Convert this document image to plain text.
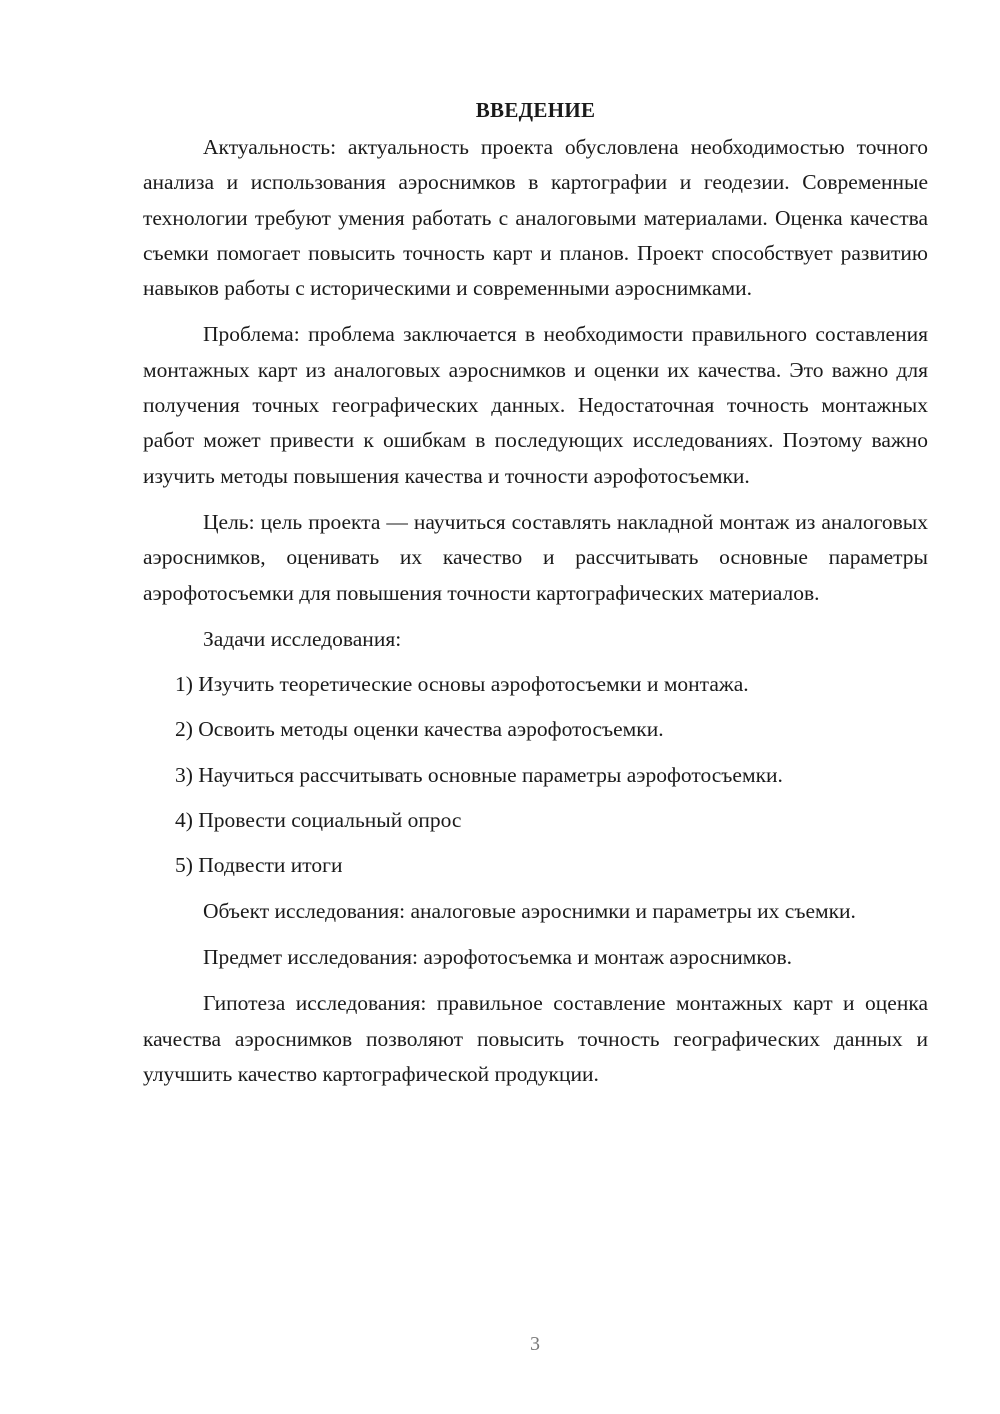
ВВЕДЕНИЕ

Актуальность: актуальность проекта обусловлена необходимостью точного анализа и использования аэроснимков в картографии и геодезии. Современные технологии требуют умения работать с аналоговыми материалами. Оценка качества съемки помогает повысить точность карт и планов. Проект способствует развитию навыков работы с историческими и современными аэроснимками.

Проблема: проблема заключается в необходимости правильного составления монтажных карт из аналоговых аэроснимков и оценки их качества. Это важно для получения точных географических данных. Недостаточная точность монтажных работ может привести к ошибкам в последующих исследованиях. Поэтому важно изучить методы повышения качества и точности аэрофотосъемки.

Цель: цель проекта — научиться составлять накладной монтаж из аналоговых аэроснимков, оценивать их качество и рассчитывать основные параметры аэрофотосъемки для повышения точности картографических материалов.

Задачи исследования:

1) Изучить теоретические основы аэрофотосъемки и монтажа.
2) Освоить методы оценки качества аэрофотосъемки.
3) Научиться рассчитывать основные параметры аэрофотосъемки.
4) Провести социальный опрос
5) Подвести итоги

Объект исследования: аналоговые аэроснимки и параметры их съемки.

Предмет исследования: аэрофотосъемка и монтаж аэроснимков.

Гипотеза исследования: правильное составление монтажных карт и оценка качества аэроснимков позволяют повысить точность географических данных и улучшить качество картографической продукции.

3
